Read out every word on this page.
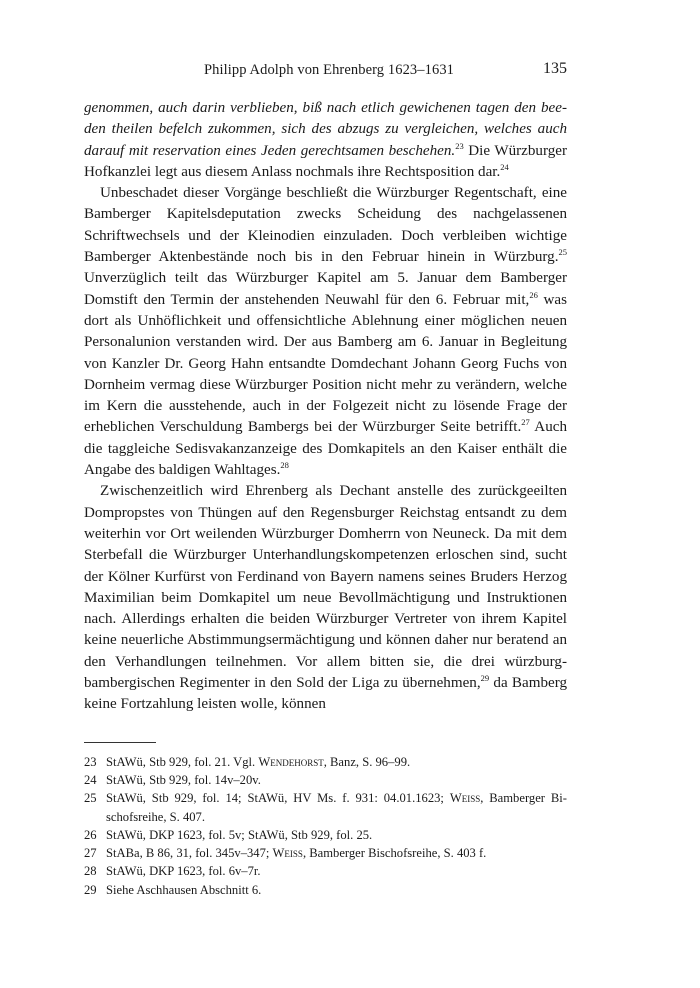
Philipp Adolph von Ehrenberg 1623–1631	135

genommen, auch darin verblieben, biß nach etlich gewichenen tagen den beeden theilen befelch zukommen, sich des abzugs zu vergleichen, welches auch darauf mit reservation eines Jeden gerechtsamen beschehen.$^{23}$ Die Würzburger Hofkanzlei legt aus diesem Anlass nochmals ihre Rechtsposition dar.$^{24}$

Unbeschadet dieser Vorgänge beschließt die Würzburger Regentschaft, eine Bamberger Kapitelsdeputation zwecks Scheidung des nachgelassenen Schriftwechsels und der Kleinodien einzuladen. Doch verbleiben wichtige Bamberger Aktenbestände noch bis in den Februar hinein in Würzburg.$^{25}$ Unverzüglich teilt das Würzburger Kapitel am 5. Januar dem Bamberger Domstift den Termin der anstehenden Neuwahl für den 6. Februar mit,$^{26}$ was dort als Unhöflichkeit und offensichtliche Ablehnung einer möglichen neuen Personalunion verstanden wird. Der aus Bamberg am 6. Januar in Begleitung von Kanzler Dr. Georg Hahn entsandte Domdechant Johann Georg Fuchs von Dornheim vermag diese Würzburger Position nicht mehr zu verändern, welche im Kern die ausstehende, auch in der Folgezeit nicht zu lösende Frage der erheblichen Verschuldung Bambergs bei der Würzburger Seite betrifft.$^{27}$ Auch die taggleiche Sedisvakanzanzeige des Domkapitels an den Kaiser enthält die Angabe des baldigen Wahltages.$^{28}$

Zwischenzeitlich wird Ehrenberg als Dechant anstelle des zurückgeeilten Dompropstes von Thüngen auf den Regensburger Reichstag entsandt zu dem weiterhin vor Ort weilenden Würzburger Domherrn von Neuneck. Da mit dem Sterbefall die Würzburger Unterhandlungskompetenzen erloschen sind, sucht der Kölner Kurfürst von Ferdinand von Bayern namens seines Bruders Herzog Maximilian beim Domkapitel um neue Bevollmächtigung und Instruktionen nach. Allerdings erhalten die beiden Würzburger Vertreter von ihrem Kapitel keine neuerliche Abstimmungsermächtigung und können daher nur beratend an den Verhandlungen teilnehmen. Vor allem bitten sie, die drei würzburg-bambergischen Regimenter in den Sold der Liga zu übernehmen,$^{29}$ da Bamberg keine Fortzahlung leisten wolle, können

23 StAWü, Stb 929, fol. 21. Vgl. Wendehorst, Banz, S. 96–99.
24 StAWü, Stb 929, fol. 14v–20v.
25 StAWü, Stb 929, fol. 14; StAWü, HV Ms. f. 931: 04.01.1623; Weiss, Bamberger Bischofsreihe, S. 407.
26 StAWü, DKP 1623, fol. 5v; StAWü, Stb 929, fol. 25.
27 StABa, B 86, 31, fol. 345v–347; Weiss, Bamberger Bischofsreihe, S. 403 f.
28 StAWü, DKP 1623, fol. 6v–7r.
29 Siehe Aschhausen Abschnitt 6.
